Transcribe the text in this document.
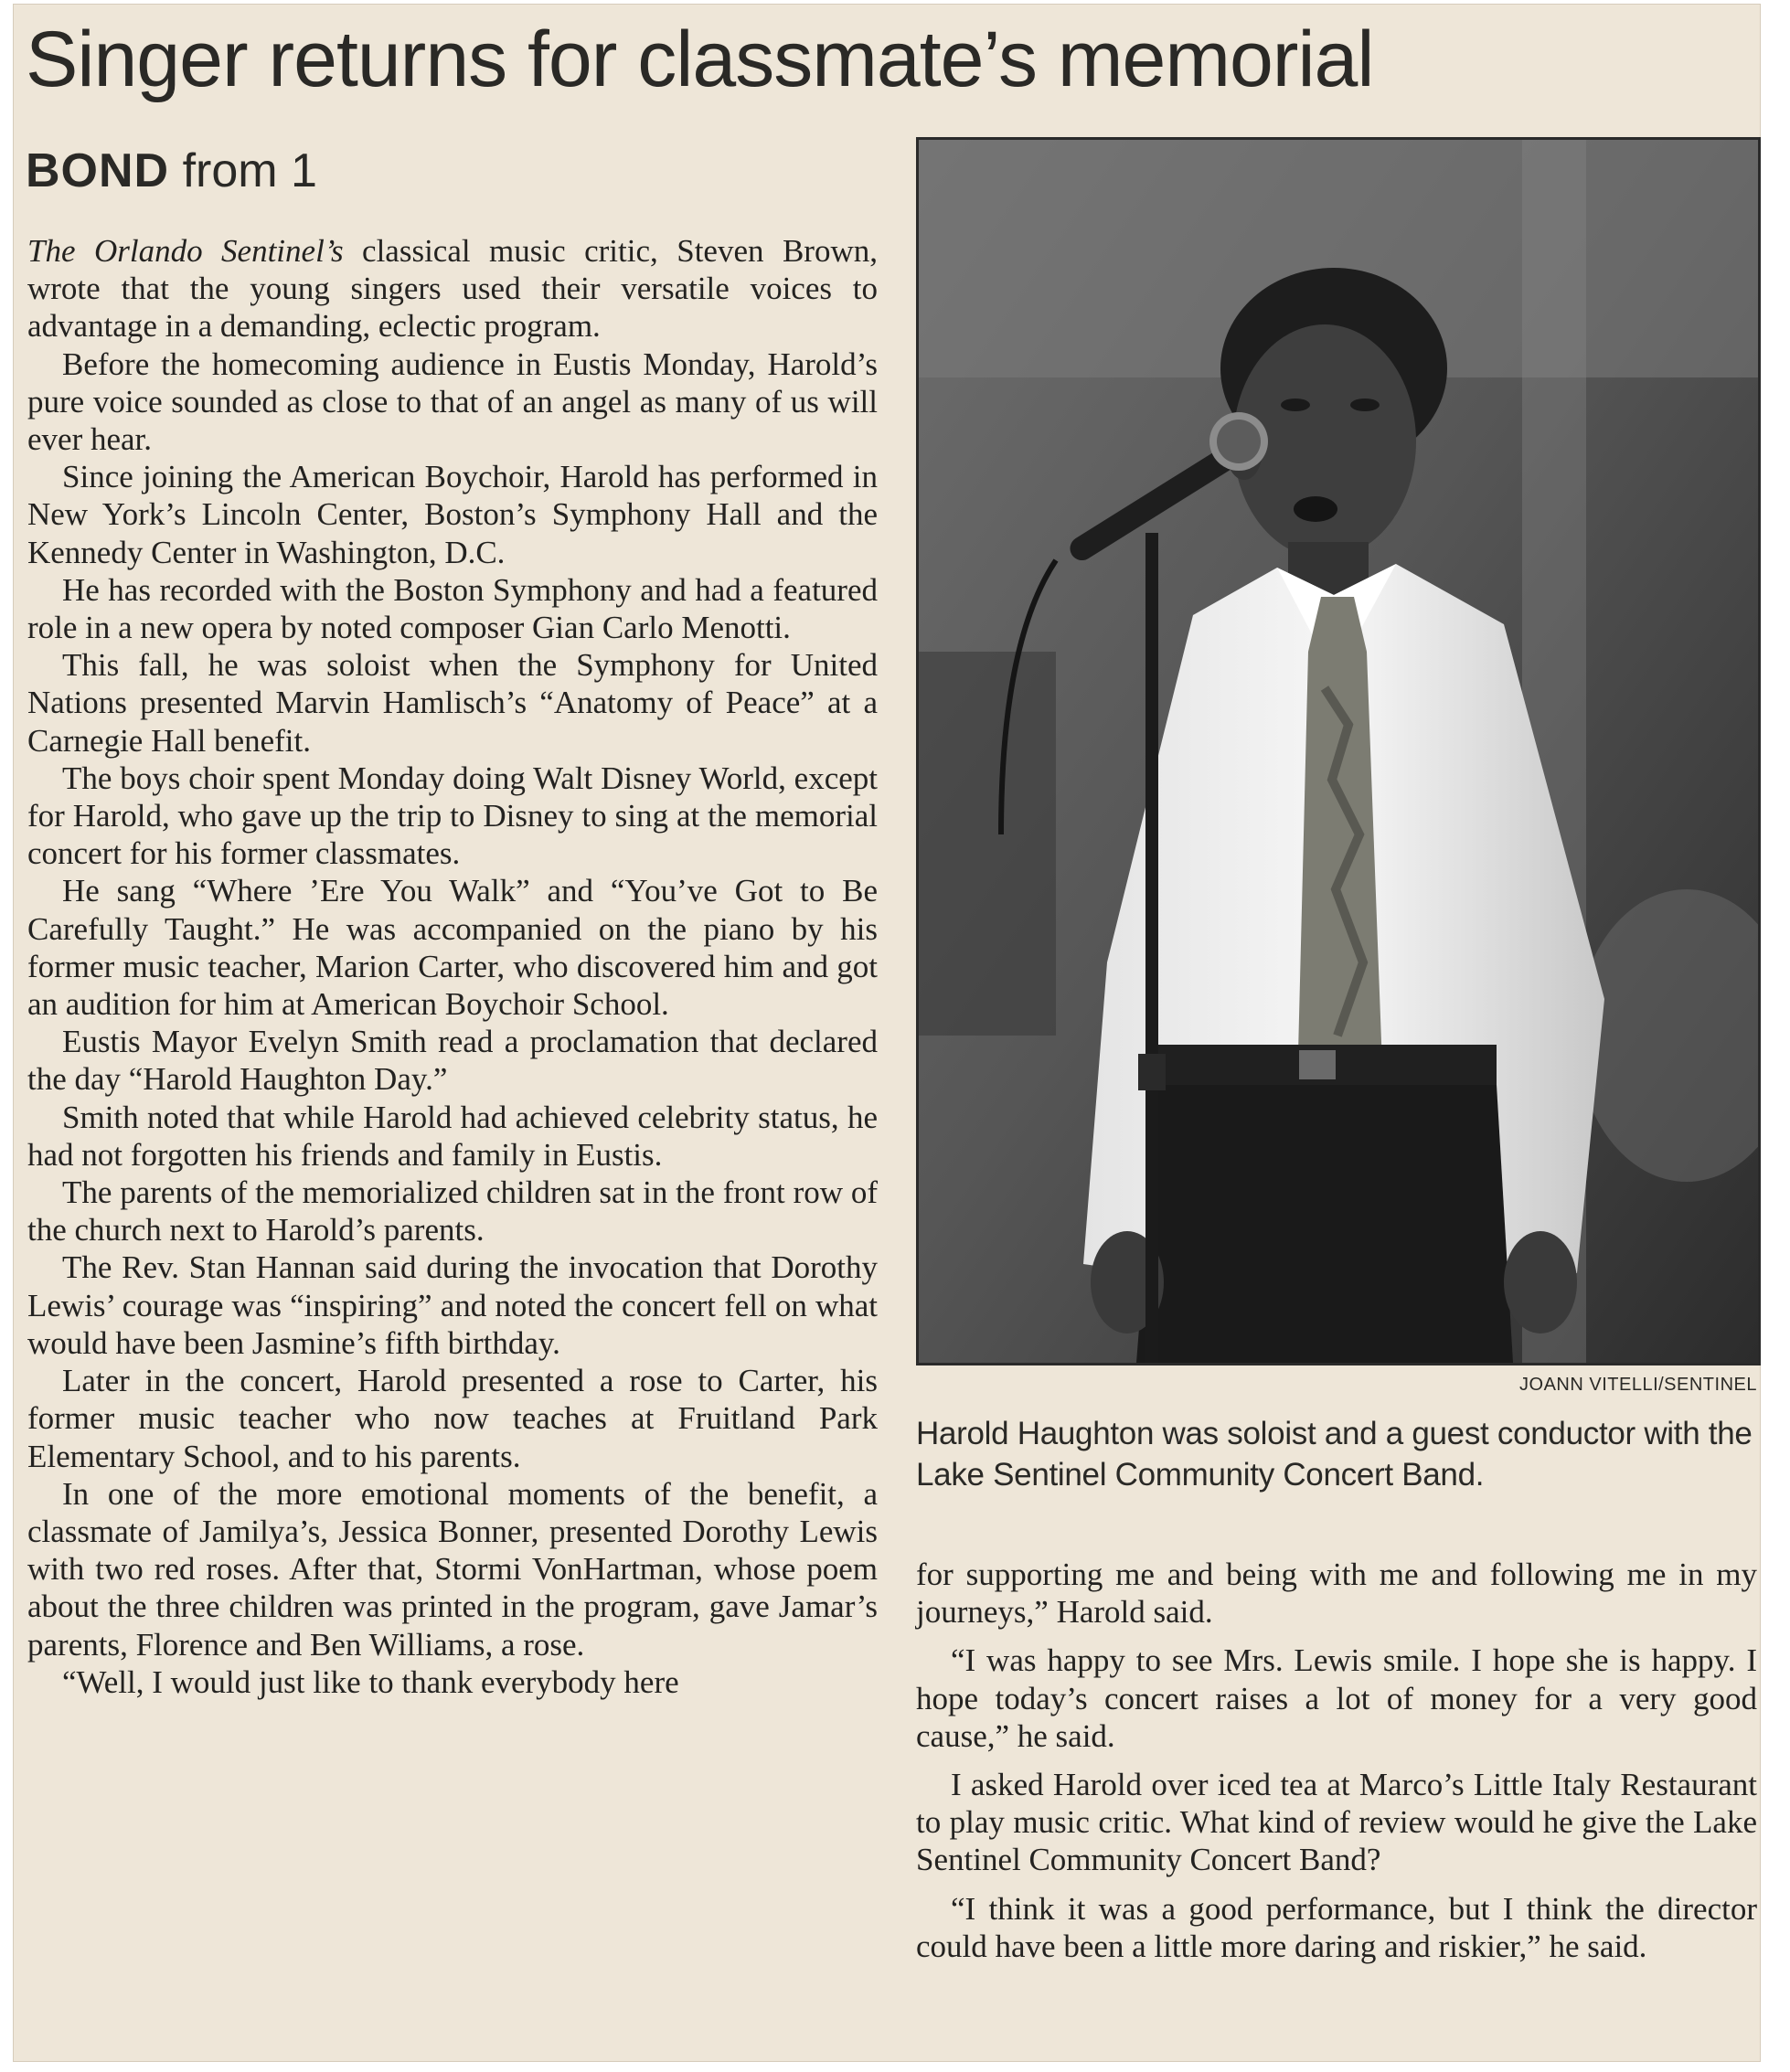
Singer returns for classmate’s memorial
BOND from 1

The Orlando Sentinel’s classical music critic, Steven Brown, wrote that the young singers used their versatile voices to advantage in a demanding, eclectic program.

Before the homecoming audience in Eustis Monday, Harold’s pure voice sounded as close to that of an angel as many of us will ever hear.

Since joining the American Boychoir, Harold has performed in New York’s Lincoln Center, Boston’s Symphony Hall and the Kennedy Center in Washington, D.C.

He has recorded with the Boston Symphony and had a featured role in a new opera by noted composer Gian Carlo Menotti.

This fall, he was soloist when the Symphony for United Nations presented Marvin Hamlisch’s “Anatomy of Peace” at a Carnegie Hall benefit.

The boys choir spent Monday doing Walt Disney World, except for Harold, who gave up the trip to Disney to sing at the memorial concert for his former classmates.

He sang “Where ’Ere You Walk” and “You’ve Got to Be Carefully Taught.” He was accompanied on the piano by his former music teacher, Marion Carter, who discovered him and got an audition for him at American Boychoir School.

Eustis Mayor Evelyn Smith read a proclamation that declared the day “Harold Haughton Day.”

Smith noted that while Harold had achieved celebrity status, he had not forgotten his friends and family in Eustis.

The parents of the memorialized children sat in the front row of the church next to Harold’s parents.

The Rev. Stan Hannan said during the invocation that Dorothy Lewis’ courage was “inspiring” and noted the concert fell on what would have been Jasmine’s fifth birthday.

Later in the concert, Harold presented a rose to Carter, his former music teacher who now teaches at Fruitland Park Elementary School, and to his parents.

In one of the more emotional moments of the benefit, a classmate of Jamilya’s, Jessica Bonner, presented Dorothy Lewis with two red roses. After that, Stormi VonHartman, whose poem about the three children was printed in the program, gave Jamar’s parents, Florence and Ben Williams, a rose.

“Well, I would just like to thank everybody here

JOANN VITELLI/SENTINEL
Harold Haughton was soloist and a guest conductor with the Lake Sentinel Community Concert Band.

for supporting me and being with me and following me in my journeys,” Harold said.

“I was happy to see Mrs. Lewis smile. I hope she is happy. I hope today’s concert raises a lot of money for a very good cause,” he said.

I asked Harold over iced tea at Marco’s Little Italy Restaurant to play music critic. What kind of review would he give the Lake Sentinel Community Concert Band?

“I think it was a good performance, but I think the director could have been a little more daring and riskier,” he said.
